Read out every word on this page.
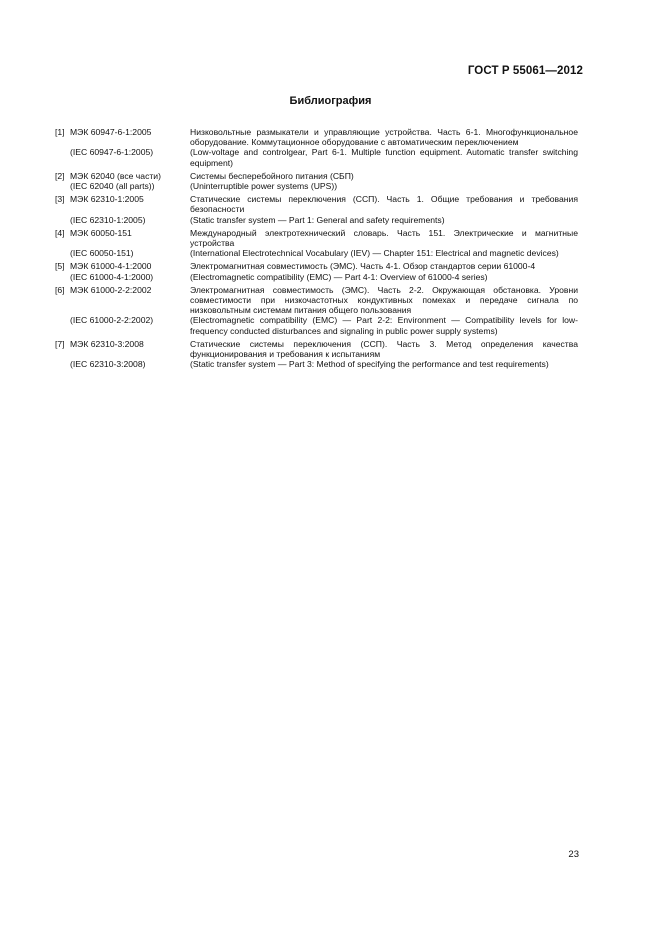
ГОСТ Р 55061—2012
Библиография
[1] МЭК 60947-6-1:2005	Низковольтные размыкатели и управляющие устройства. Часть 6-1. Многофункциональное оборудование. Коммутационное оборудование с автоматическим переключением
(IEC 60947-6-1:2005)	(Low-voltage and controlgear, Part 6-1. Multiple function equipment. Automatic transfer switching equipment)
[2] МЭК 62040 (все части)	Системы бесперебойного питания (СБП)
(IEC 62040 (all parts))	(Uninterruptible power systems (UPS))
[3] МЭК 62310-1:2005	Статические системы переключения (ССП). Часть 1. Общие требования и требования безопасности
(IEC 62310-1:2005)	(Static transfer system — Part 1: General and safety requirements)
[4] МЭК 60050-151	Международный электротехнический словарь. Часть 151. Электрические и магнитные устройства
(IEC 60050-151)	(International Electrotechnical Vocabulary (IEV) — Chapter 151: Electrical and magnetic devices)
[5] МЭК 61000-4-1:2000	Электромагнитная совместимость (ЭМС). Часть 4-1. Обзор стандартов серии 61000-4
(IEC 61000-4-1:2000)	(Electromagnetic compatibility (EMC) — Part 4-1: Overview of 61000-4 series)
[6] МЭК 61000-2-2:2002	Электромагнитная совместимость (ЭМС). Часть 2-2. Окружающая обстановка. Уровни совместимости при низкочастотных кондуктивных помехах и передаче сигнала по низковольтным системам питания общего пользования
(IEC 61000-2-2:2002)	(Electromagnetic compatibility (EMC) — Part 2-2: Environment — Compatibility levels for low-frequency conducted disturbances and signaling in public power supply systems)
[7] МЭК 62310-3:2008	Статические системы переключения (ССП). Часть 3. Метод определения качества функционирования и требования к испытаниям
(IEC 62310-3:2008)	(Static transfer system — Part 3: Method of specifying the performance and test requirements)
23
